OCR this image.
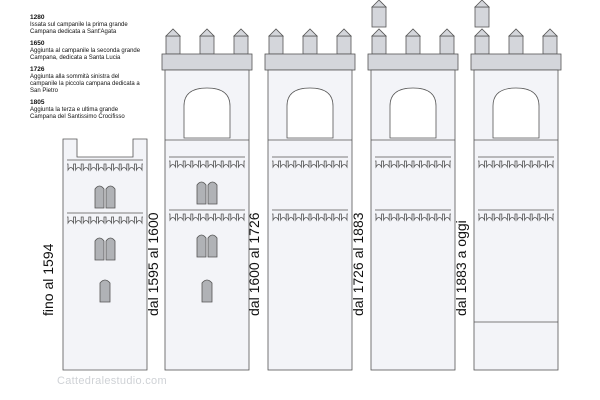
1280
Issata sul campanile la prima grande
Campana dedicata a Sant'Agata
1650
Aggiunta al campanile la seconda grande
Campana, dedicata a Santa Lucia
1726
Aggiunta alla sommità sinistra del
campanile la piccola campana dedicata a
San Pietro
1805
Aggiunta la terza e ultima grande
Campana del Santissimo Crocifisso
fino al 1594	dal 1595 al 1600	dal 1600 al 1726	dal 1726 al 1883	dal 1883 a oggi
Cattedralestudio.com
